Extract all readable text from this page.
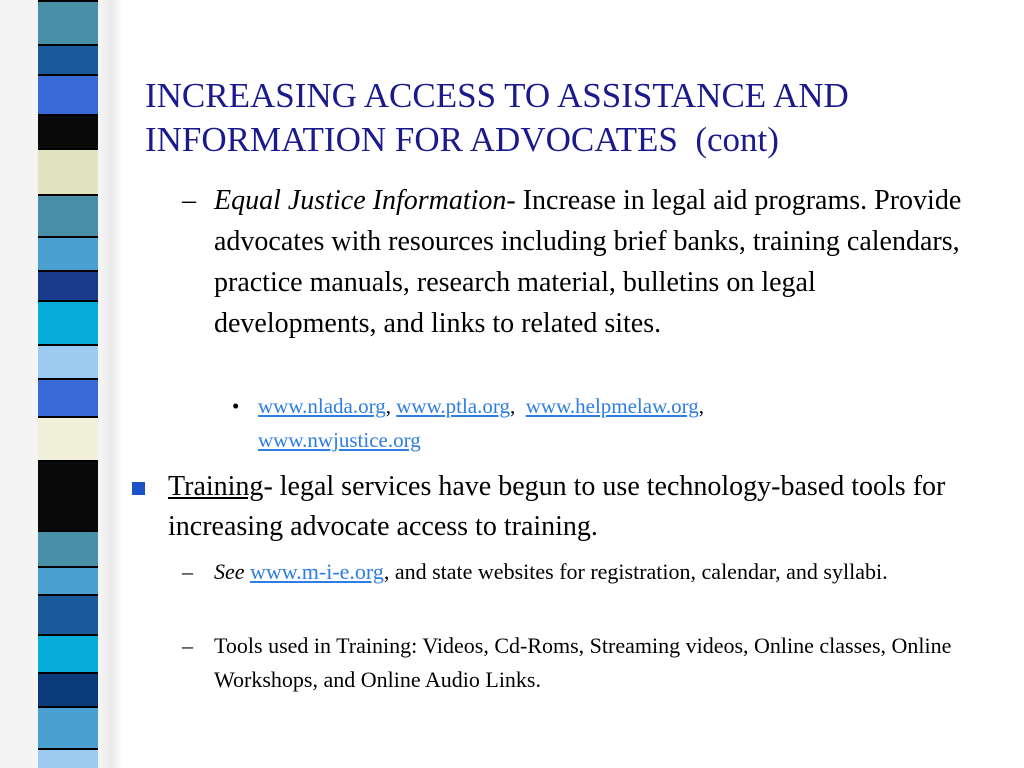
INCREASING ACCESS TO ASSISTANCE AND
INFORMATION FOR ADVOCATES (cont)
– Equal Justice Information- Increase in legal aid programs. Provide advocates with resources including brief banks, training calendars, practice manuals, research material, bulletins on legal developments, and links to related sites.
• www.nlada.org, www.ptla.org, www.helpmelaw.org,
www.nwjustice.org
Training- legal services have begun to use technology-based tools for increasing advocate access to training.
– See www.m-i-e.org, and state websites for registration, calendar, and syllabi.
– Tools used in Training: Videos, Cd-Roms, Streaming videos, Online classes, Online Workshops, and Online Audio Links.
